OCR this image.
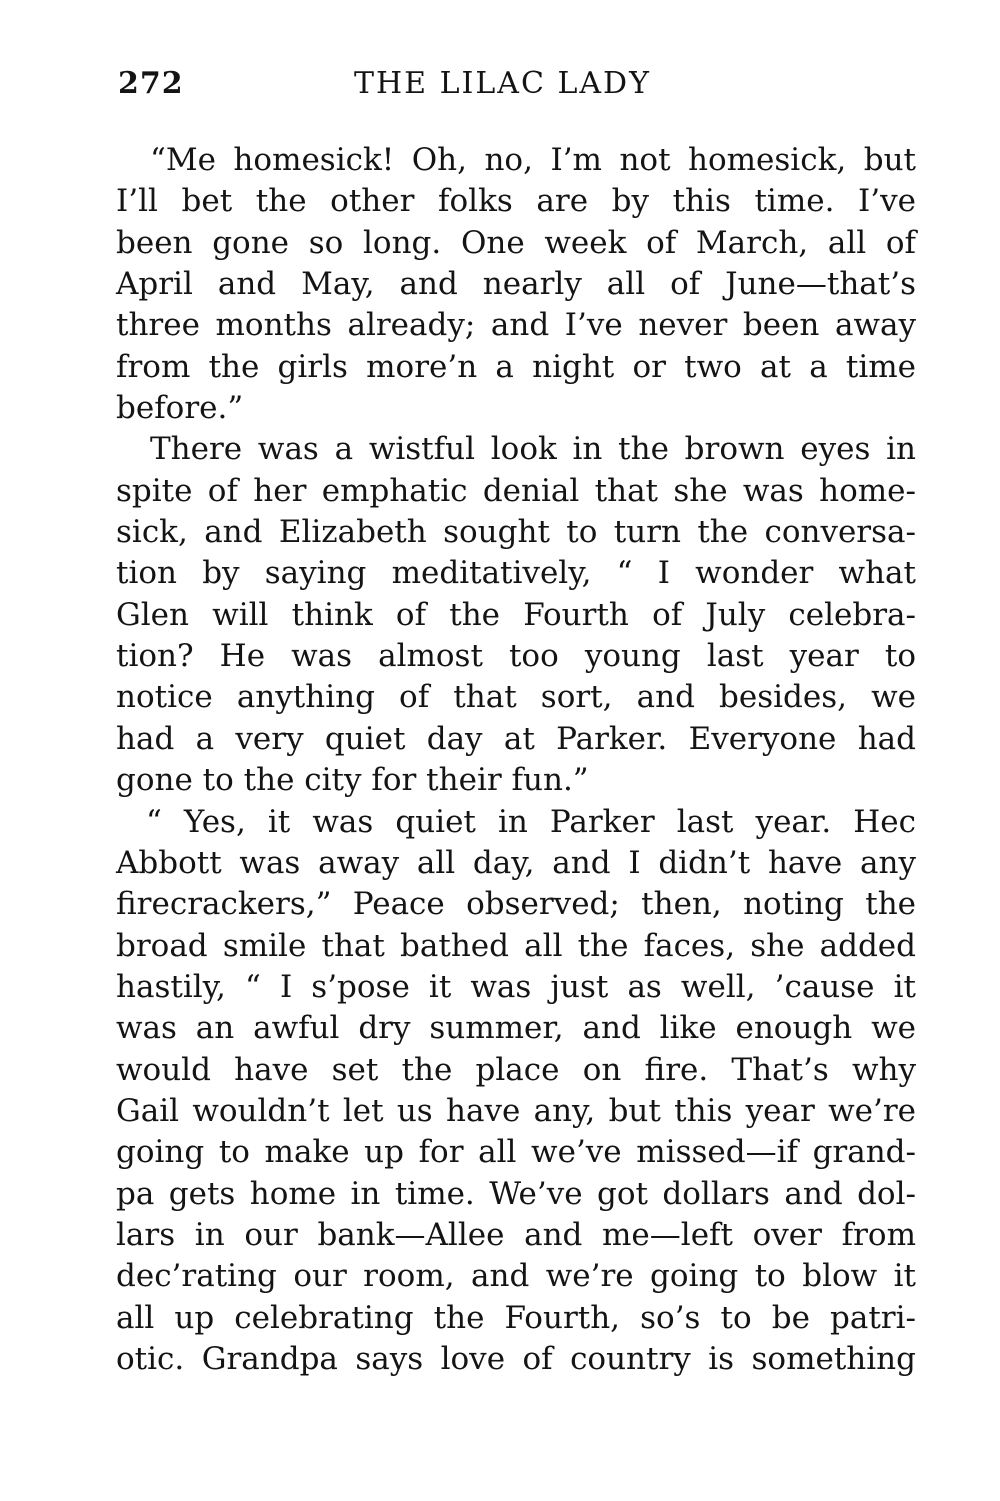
272	THE LILAC LADY
“Me homesick! Oh, no, I’m not homesick, but
I’ll bet the other folks are by this time. I’ve
been gone so long. One week of March, all of
April and May, and nearly all of June—that’s
three months already; and I’ve never been away
from the girls more’n a night or two at a time
before.”
There was a wistful look in the brown eyes in
spite of her emphatic denial that she was home-
sick, and Elizabeth sought to turn the conversa-
tion by saying meditatively, “ I wonder what
Glen will think of the Fourth of July celebra-
tion? He was almost too young last year to
notice anything of that sort, and besides, we
had a very quiet day at Parker. Everyone had
gone to the city for their fun.”
“ Yes, it was quiet in Parker last year. Hec
Abbott was away all day, and I didn’t have any
firecrackers,” Peace observed; then, noting the
broad smile that bathed all the faces, she added
hastily, “ I s’pose it was just as well, ’cause it
was an awful dry summer, and like enough we
would have set the place on fire. That’s why
Gail wouldn’t let us have any, but this year we’re
going to make up for all we’ve missed—if grand-
pa gets home in time. We’ve got dollars and dol-
lars in our bank—Allee and me—left over from
dec’rating our room, and we’re going to blow it
all up celebrating the Fourth, so’s to be patri-
otic. Grandpa says love of country is something
